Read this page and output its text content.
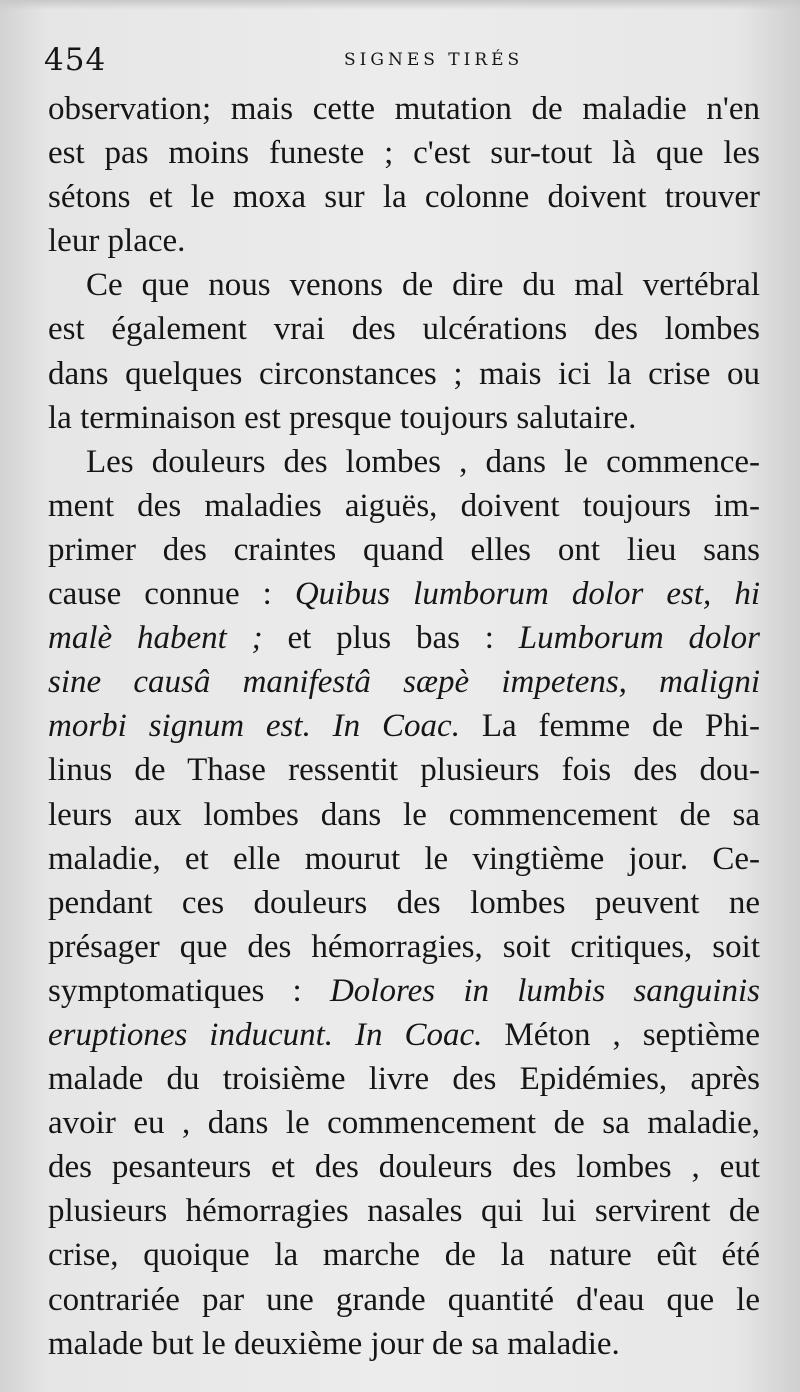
454	SIGNES TIRÉS
observation; mais cette mutation de maladie n'en
est pas moins funeste ; c'est sur-tout là que les
sétons et le moxa sur la colonne doivent trouver
leur place.
Ce que nous venons de dire du mal vertébral
est également vrai des ulcérations des lombes
dans quelques circonstances ; mais ici la crise ou
la terminaison est presque toujours salutaire.
Les douleurs des lombes , dans le commence-
ment des maladies aiguës, doivent toujours im-
primer des craintes quand elles ont lieu sans
cause connue : Quibus lumborum dolor est, hi
malè habent ; et plus bas : Lumborum dolor
sine causâ manifestâ sæpè impetens, maligni
morbi signum est. In Coac. La femme de Phi-
linus de Thase ressentit plusieurs fois des dou-
leurs aux lombes dans le commencement de sa
maladie, et elle mourut le vingtième jour. Ce-
pendant ces douleurs des lombes peuvent ne
présager que des hémorragies, soit critiques, soit
symptomatiques : Dolores in lumbis sanguinis
eruptiones inducunt. In Coac. Méton , septième
malade du troisième livre des Epidémies, après
avoir eu , dans le commencement de sa maladie,
des pesanteurs et des douleurs des lombes , eut
plusieurs hémorragies nasales qui lui servirent de
crise, quoique la marche de la nature eût été
contrariée par une grande quantité d'eau que le
malade but le deuxième jour de sa maladie.
